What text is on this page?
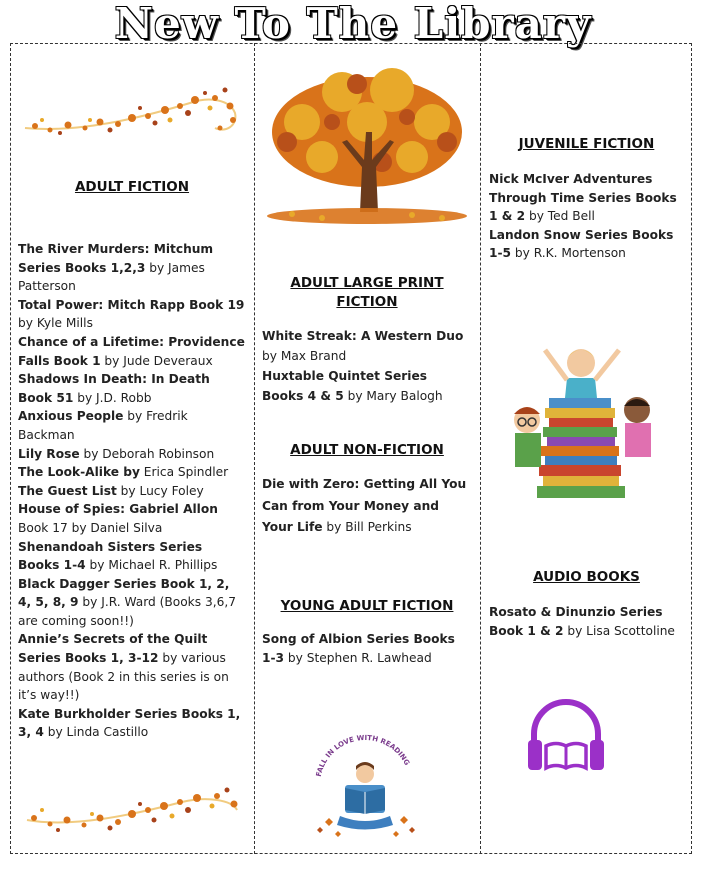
New To The Library
ADULT FICTION

The River Murders: Mitchum Series Books 1,2,3 by James Patterson

Total Power: Mitch Rapp Book 19 by Kyle Mills

Chance of a Lifetime: Providence Falls Book 1 by Jude Deveraux

Shadows In Death: In Death Book 51 by J.D. Robb

Anxious People by Fredrik Backman

Lily Rose by Deborah Robinson

The Look-Alike by Erica Spindler

The Guest List by Lucy Foley

House of Spies: Gabriel Allon Book 17 by Daniel Silva

Shenandoah Sisters Series Books 1-4 by Michael R. Phillips

Black Dagger Series Book 1, 2, 4, 5, 8, 9 by J.R. Ward (Books 3,6,7 are coming soon!!)

Annie’s Secrets of the Quilt Series Books 1, 3-12 by various authors (Book 2 in this series is on it’s way!!)

Kate Burkholder Series Books 1, 3, 4 by Linda Castillo

ADULT LARGE PRINT FICTION

White Streak: A Western Duo by Max Brand

Huxtable Quintet Series Books 4 & 5 by Mary Balogh

ADULT NON-FICTION

Die with Zero: Getting All You Can from Your Money and Your Life by Bill Perkins

YOUNG ADULT FICTION

Song of Albion Series Books 1-3 by Stephen R. Lawhead

FALL IN LOVE WITH READING
JUVENILE FICTION

Nick McIver Adventures Through Time Series Books 1 & 2 by Ted Bell

Landon Snow Series Books 1-5 by R.K. Mortenson

AUDIO BOOKS

Rosato & Dinunzio Series Book 1 & 2 by Lisa Scottoline
